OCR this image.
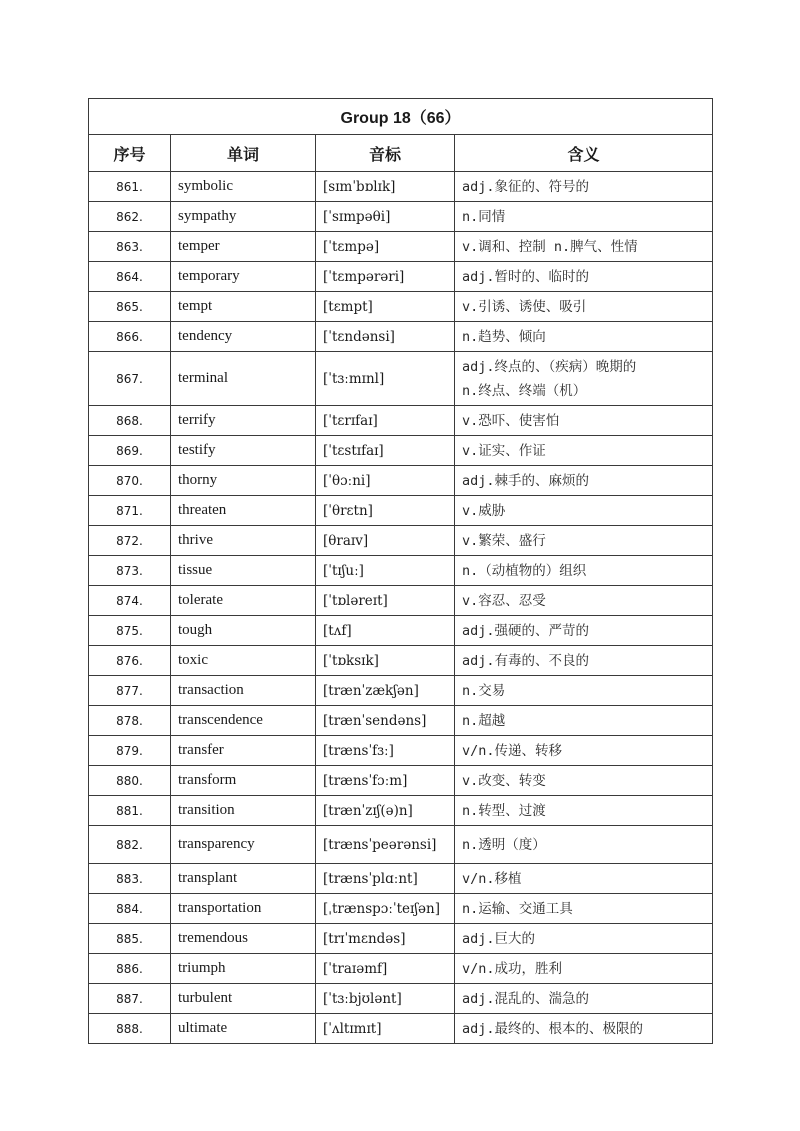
Group 18（66）			
序号	单词	音标	含义
861.	symbolic	[sɪmˈbɒlɪk]	adj.象征的、符号的
862.	sympathy	[ˈsɪmpəθi]	n.同情
863.	temper	[ˈtɛmpə]	v.调和、控制 n.脾气、性情
864.	temporary	[ˈtɛmpərəri]	adj.暂时的、临时的
865.	tempt	[tɛmpt]	v.引诱、诱使、吸引
866.	tendency	[ˈtɛndənsi]	n.趋势、倾向
867.	terminal	[ˈtɜːmɪnl]	adj.终点的、（疾病）晚期的
n.终点、终端（机）

868.	terrify	[ˈtɛrɪfaɪ]	v.恐吓、使害怕
869.	testify	[ˈtɛstɪfaɪ]	v.证实、作证
870.	thorny	[ˈθɔːni]	adj.棘手的、麻烦的
871.	threaten	[ˈθrɛtn]	v.威胁
872.	thrive	[θraɪv]	v.繁荣、盛行
873.	tissue	[ˈtɪʃuː]	n.（动植物的）组织
874.	tolerate	[ˈtɒləreɪt]	v.容忍、忍受
875.	tough	[tʌf]	adj.强硬的、严苛的
876.	toxic	[ˈtɒksɪk]	adj.有毒的、不良的
877.	transaction	[trænˈzækʃən]	n.交易
878.	transcendence	[trænˈsendəns]	n.超越
879.	transfer	[trænsˈfɜː]	v/n.传递、转移
880.	transform	[trænsˈfɔːm]	v.改变、转变
881.	transition	[trænˈzɪʃ(ə)n]	n.转型、过渡
882.	transparency	[trænsˈpeərənsi]	n.透明（度）
883.	transplant	[trænsˈplɑːnt]	v/n.移植
884.	transportation	[ˌtrænspɔːˈteɪʃən]	n.运输、交通工具
885.	tremendous	[trɪˈmɛndəs]	adj.巨大的
886.	triumph	[ˈtraɪəmf]	v/n.成功，胜利
887.	turbulent	[ˈtɜːbjʊlənt]	adj.混乱的、湍急的
888.	ultimate	[ˈʌltɪmɪt]	adj.最终的、根本的、极限的
